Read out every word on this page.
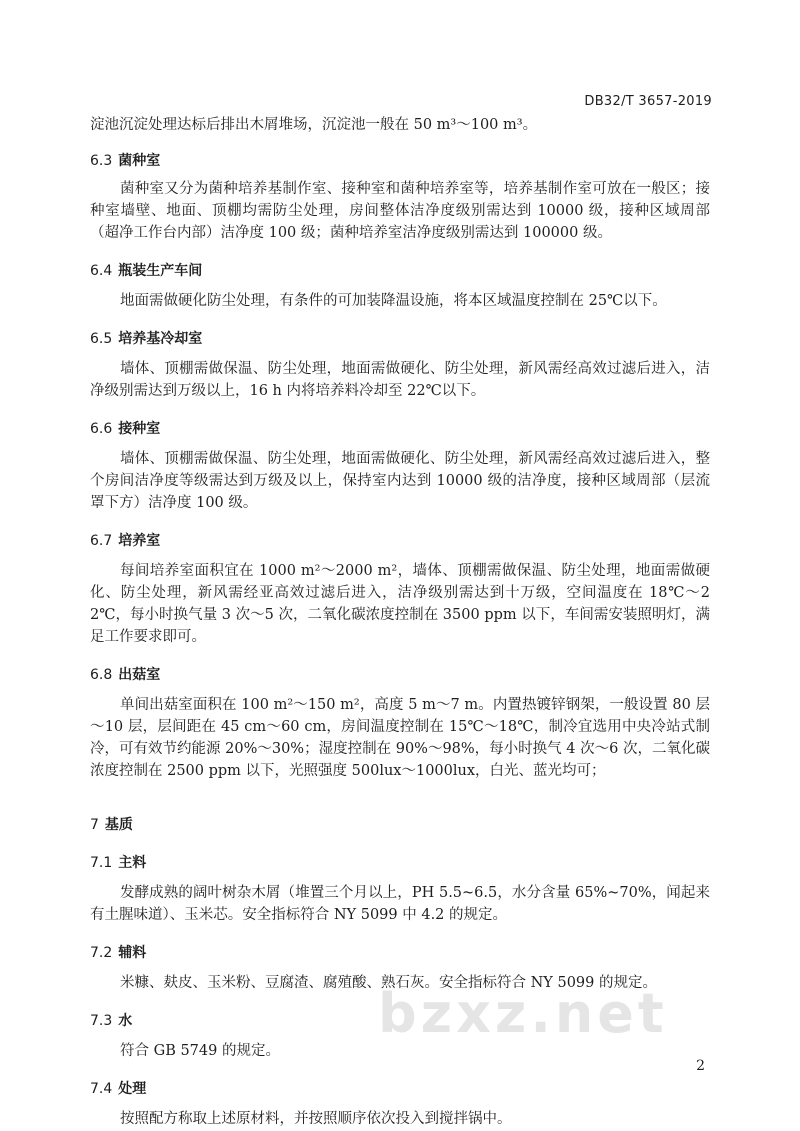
DB32/T 3657-2019

淀池沉淀处理达标后排出木屑堆场，沉淀池一般在 50 m³～100 m³。

6.3 菌种室

菌种室又分为菌种培养基制作室、接种室和菌种培养室等，培养基制作室可放在一般区；接种室墙壁、地面、顶棚均需防尘处理，房间整体洁净度级别需达到 10000 级，接种区域周部（超净工作台内部）洁净度 100 级；菌种培养室洁净度级别需达到 100000 级。

6.4 瓶装生产车间

地面需做硬化防尘处理，有条件的可加装降温设施，将本区域温度控制在 25℃以下。

6.5 培养基冷却室

墙体、顶棚需做保温、防尘处理，地面需做硬化、防尘处理，新风需经高效过滤后进入，洁净级别需达到万级以上，16 h 内将培养料冷却至 22℃以下。

6.6 接种室

墙体、顶棚需做保温、防尘处理，地面需做硬化、防尘处理，新风需经高效过滤后进入，整个房间洁净度等级需达到万级及以上，保持室内达到 10000 级的洁净度，接种区域周部（层流罩下方）洁净度 100 级。

6.7 培养室

每间培养室面积宜在 1000 m²～2000 m²，墙体、顶棚需做保温、防尘处理，地面需做硬化、防尘处理，新风需经亚高效过滤后进入，洁净级别需达到十万级，空间温度在 18℃～22℃，每小时换气量 3 次～5 次，二氧化碳浓度控制在 3500 ppm 以下，车间需安装照明灯，满足工作要求即可。

6.8 出菇室

单间出菇室面积在 100 m²～150 m²，高度 5 m～7 m。内置热镀锌钢架，一般设置 80 层～10 层，层间距在 45 cm～60 cm，房间温度控制在 15℃～18℃，制冷宜选用中央冷站式制冷，可有效节约能源 20%～30%；湿度控制在 90%～98%，每小时换气 4 次～6 次，二氧化碳浓度控制在 2500 ppm 以下，光照强度 500lux～1000lux，白光、蓝光均可；

7 基质

7.1 主料

发酵成熟的阔叶树杂木屑（堆置三个月以上，PH 5.5~6.5，水分含量 65%~70%，闻起来有土腥味道）、玉米芯。安全指标符合 NY 5099 中 4.2 的规定。

7.2 辅料

米糠、麸皮、玉米粉、豆腐渣、腐殖酸、熟石灰。安全指标符合 NY 5099 的规定。

7.3 水

符合 GB 5749 的规定。

7.4 处理

按照配方称取上述原材料，并按照顺序依次投入到搅拌锅中。

bzxz.net
2
